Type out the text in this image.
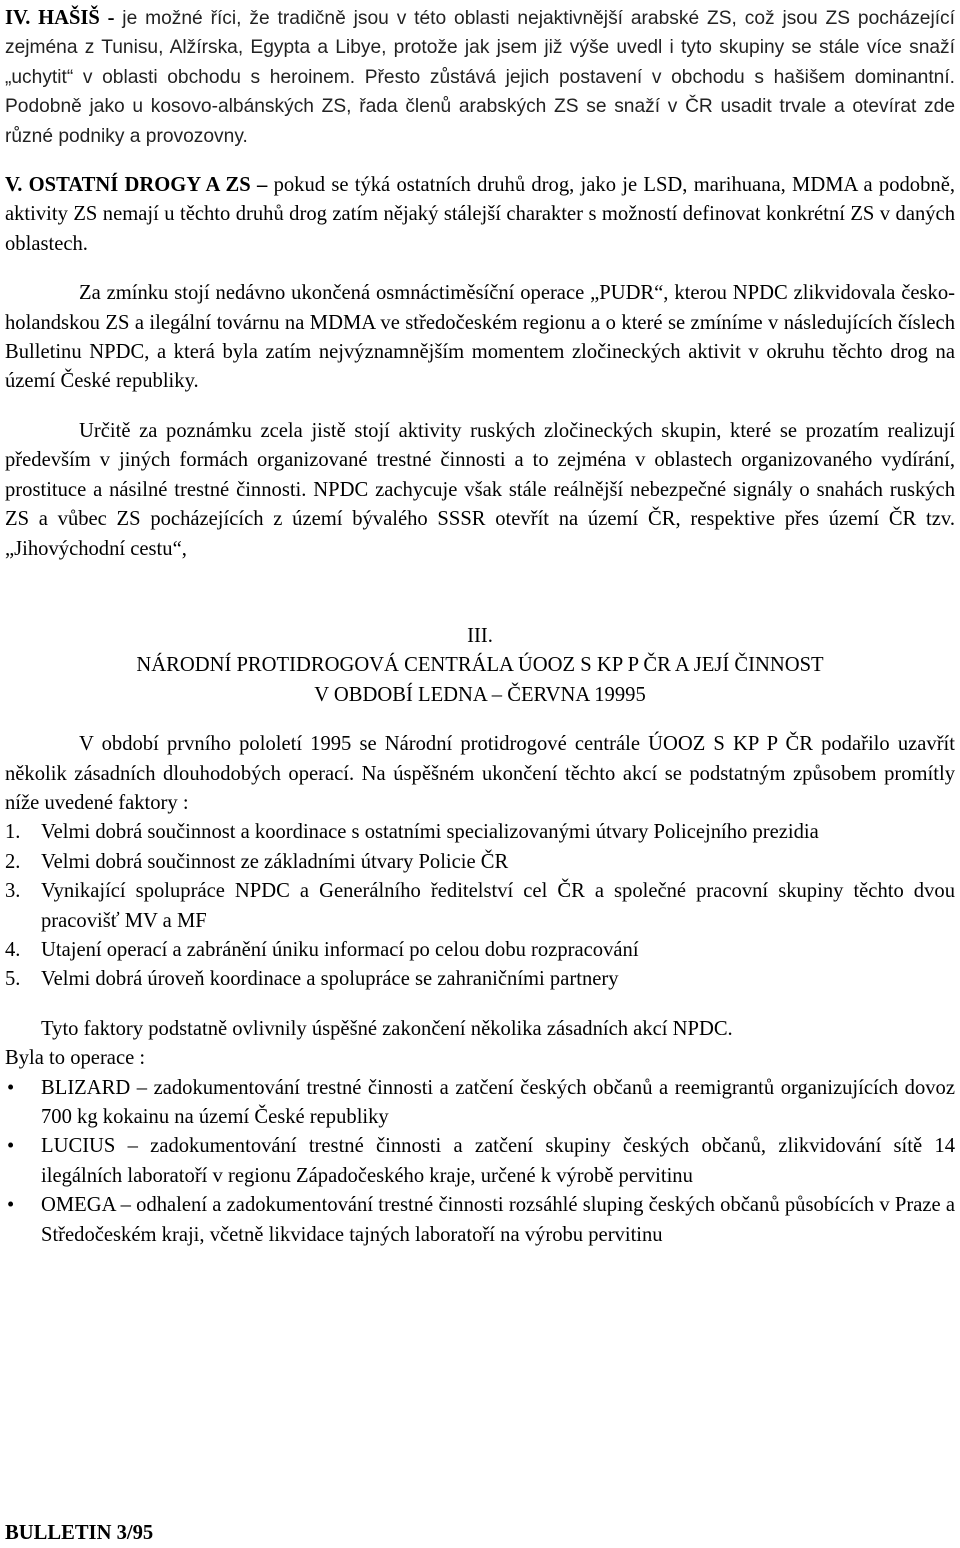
IV. HAŠIŠ - je možné říci, že tradičně jsou v této oblasti nejaktivnější arabské ZS, což jsou ZS pocházející zejména z Tunisu, Alžírska, Egypta a Libye, protože jak jsem již výše uvedl i tyto skupiny se stále více snaží „uchytit“ v oblasti obchodu s heroinem. Přesto zůstává jejich postavení v obchodu s hašišem dominantní. Podobně jako u kosovo-albánských ZS, řada členů arabských ZS se snaží v ČR usadit trvale a otevírat zde různé podniky a provozovny.

V. OSTATNÍ DROGY A ZS – pokud se týká ostatních druhů drog, jako je LSD, marihuana, MDMA a podobně, aktivity ZS nemají u těchto druhů drog zatím nějaký stálejší charakter s možností definovat konkrétní ZS v daných oblastech.

Za zmínku stojí nedávno ukončená osmnáctiměsíční operace „PUDR“, kterou NPDC zlikvidovala česko-holandskou ZS a ilegální továrnu na MDMA ve středočeském regionu a o které se zmíníme v následujících číslech Bulletinu NPDC, a která byla zatím nejvýznamnějším momentem zločineckých aktivit v okruhu těchto drog na území České republiky.

Určitě za poznámku zcela jistě stojí aktivity ruských zločineckých skupin, které se prozatím realizují především v jiných formách organizované trestné činnosti a to zejména v oblastech organizovaného vydírání, prostituce a násilné trestné činnosti. NPDC zachycuje však stále reálnější nebezpečné signály o snahách ruských ZS a vůbec ZS pocházejících z území bývalého SSSR otevřít na území ČR, respektive přes území ČR tzv. „Jihovýchodní cestu“,

III.

NÁRODNÍ PROTIDROGOVÁ CENTRÁLA ÚOOZ S KP P ČR A JEJÍ ČINNOST

V OBDOBÍ LEDNA – ČERVNA 19995

V období prvního pololetí 1995 se Národní protidrogové centrále ÚOOZ S KP P ČR podařilo uzavřít několik zásadních dlouhodobých operací. Na úspěšném ukončení těchto akcí se podstatným způsobem promítly níže uvedené faktory :

1. Velmi dobrá součinnost a koordinace s ostatními specializovanými útvary Policejního prezidia
2. Velmi dobrá součinnost ze základními útvary Policie ČR
3. Vynikající spolupráce NPDC a Generálního ředitelství cel ČR a společné pracovní skupiny těchto dvou pracovišť MV a MF
4. Utajení operací a zabránění úniku informací po celou dobu rozpracování
5. Velmi dobrá úroveň koordinace a spolupráce se zahraničními partnery

Tyto faktory podstatně ovlivnily úspěšné zakončení několika zásadních akcí NPDC.

Byla to operace :

• BLIZARD – zadokumentování trestné činnosti a zatčení českých občanů a reemigrantů organizujících dovoz 700 kg kokainu na území České republiky
• LUCIUS – zadokumentování trestné činnosti a zatčení skupiny českých občanů, zlikvidování sítě 14 ilegálních laboratoří v regionu Západočeského kraje, určené k výrobě pervitinu
• OMEGA – odhalení a zadokumentování trestné činnosti rozsáhlé sluping českých občanů působících v Praze a Středočeském kraji, včetně likvidace tajných laboratoří na výrobu pervitinu
BULLETIN 3/95
